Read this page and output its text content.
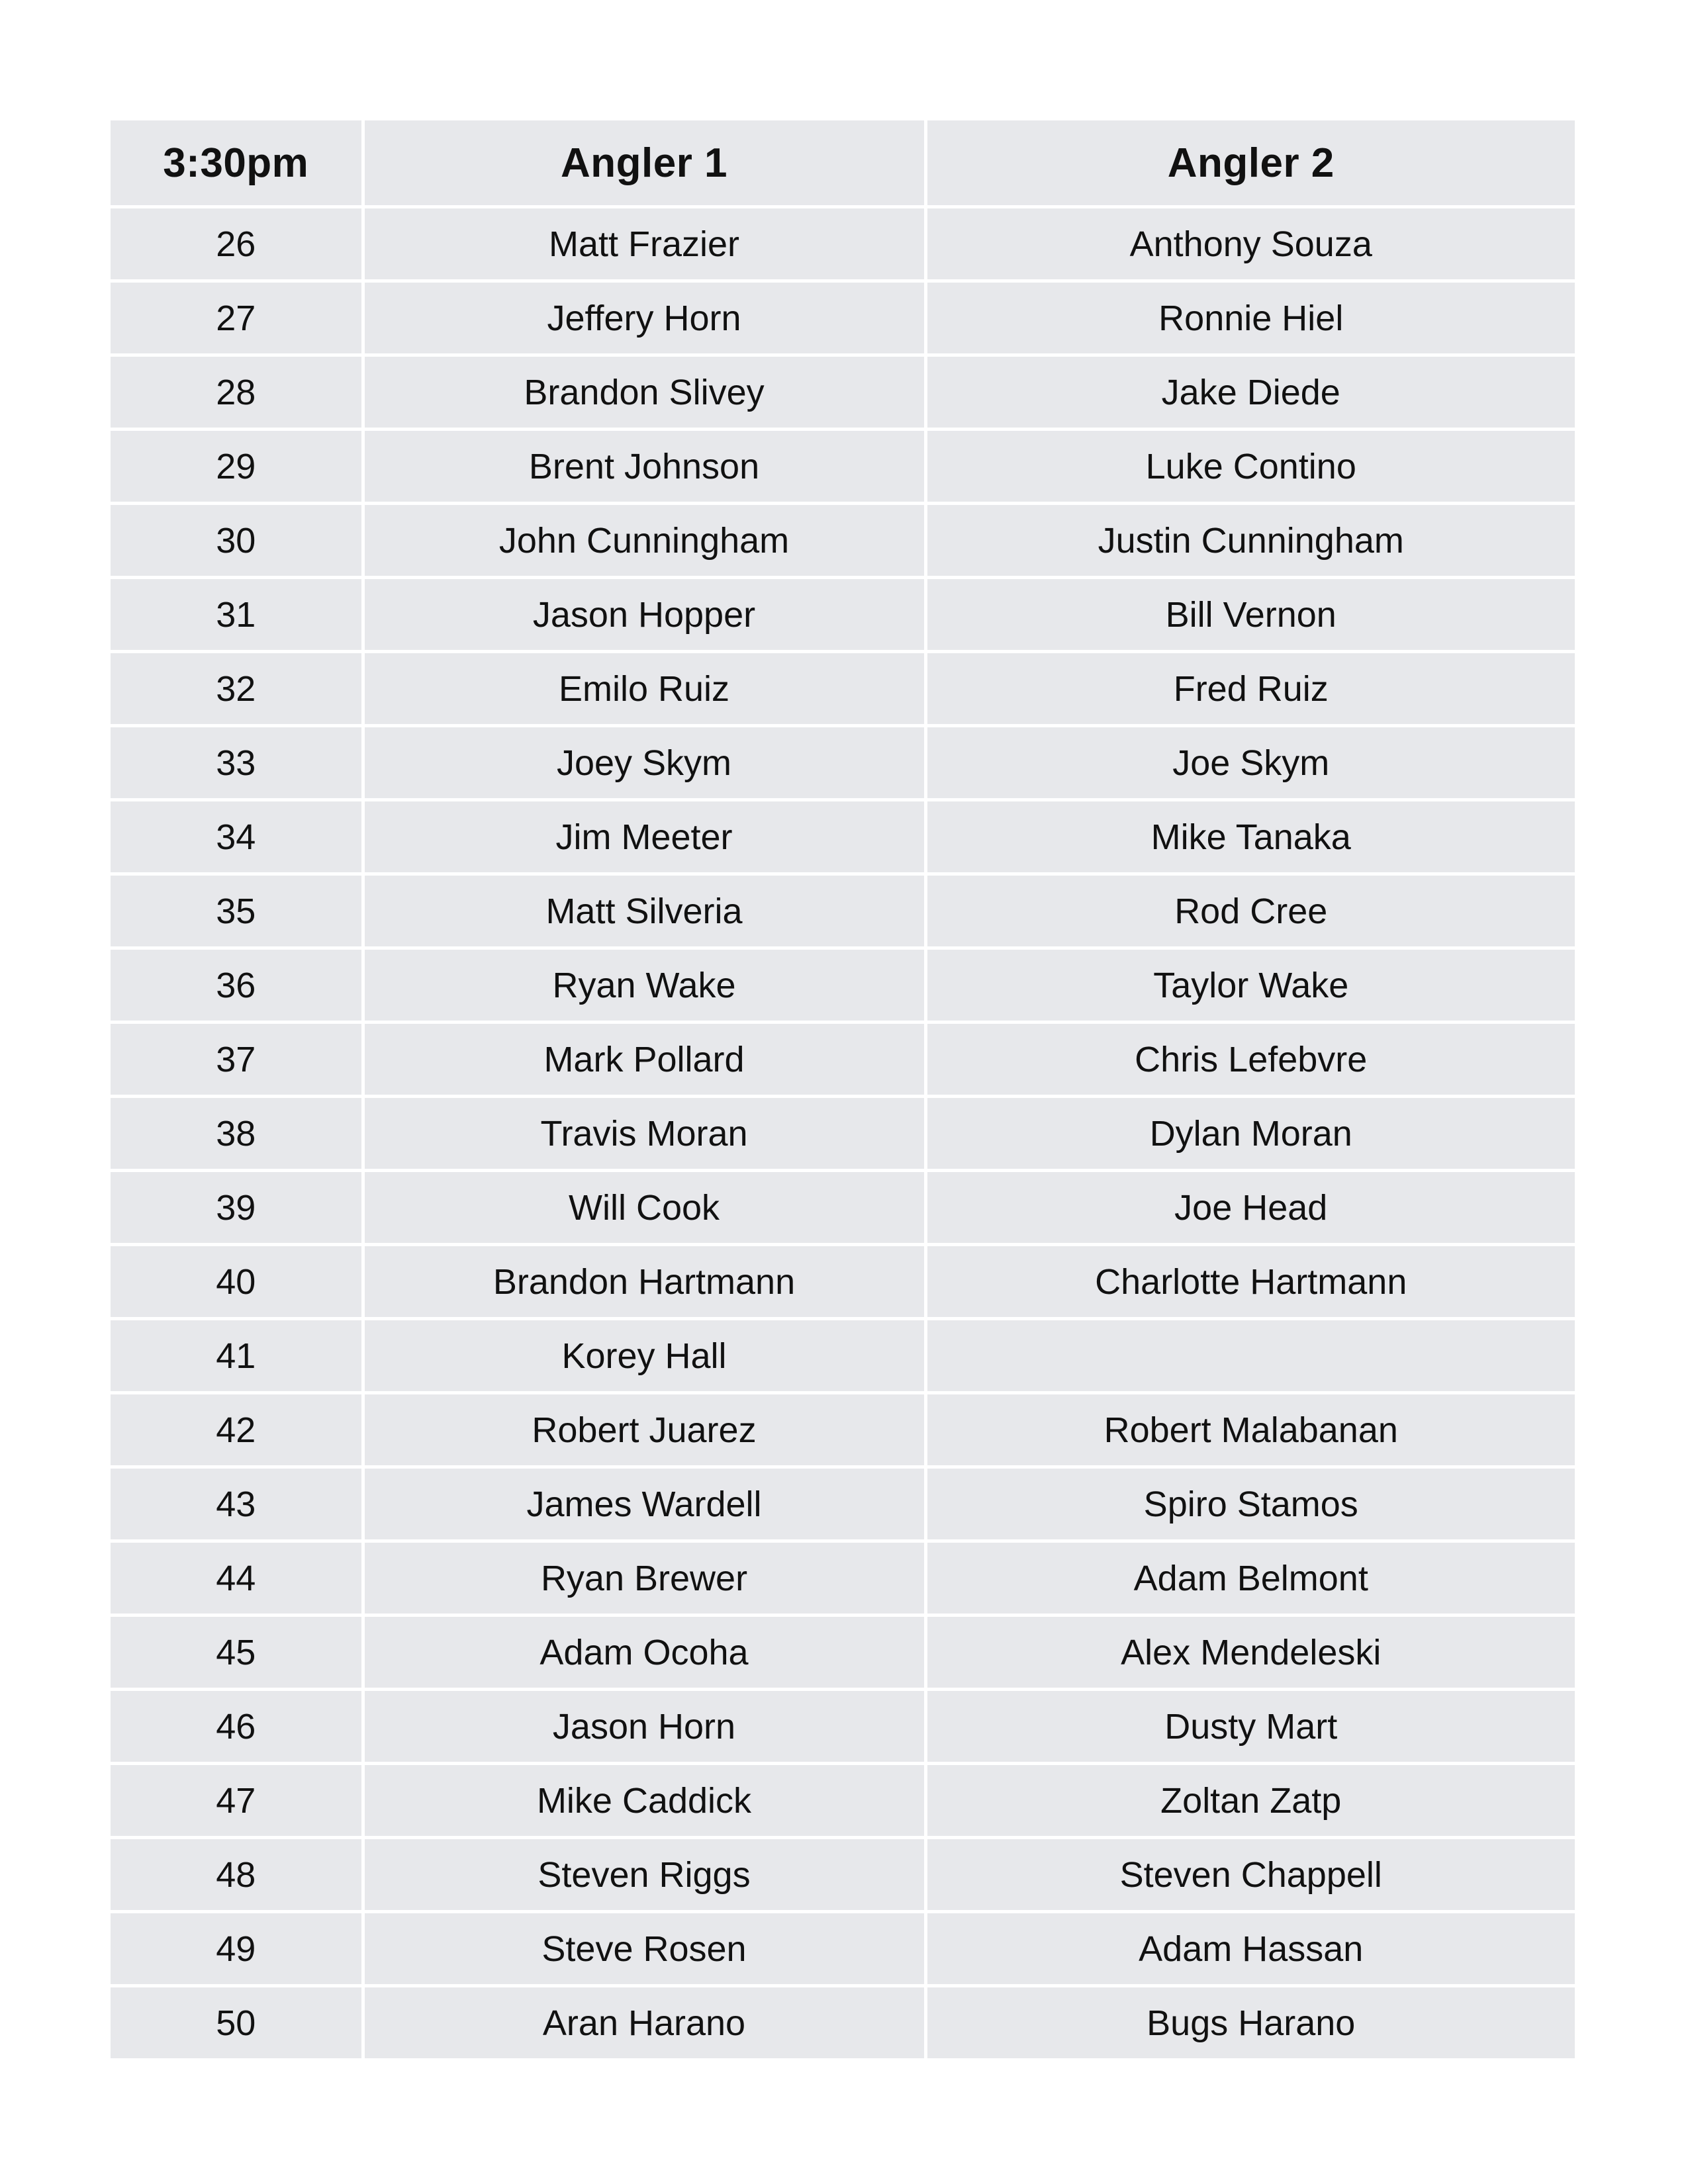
3:30pm	Angler 1	Angler 2
26	Matt Frazier	Anthony Souza
27	Jeffery Horn	Ronnie Hiel
28	Brandon Slivey	Jake Diede
29	Brent Johnson	Luke Contino
30	John Cunningham	Justin Cunningham
31	Jason Hopper	Bill Vernon
32	Emilo Ruiz	Fred Ruiz
33	Joey Skym	Joe Skym
34	Jim Meeter	Mike Tanaka
35	Matt Silveria	Rod Cree
36	Ryan Wake	Taylor Wake
37	Mark Pollard	Chris Lefebvre
38	Travis Moran	Dylan Moran
39	Will Cook	Joe Head
40	Brandon Hartmann	Charlotte Hartmann
41	Korey Hall	
42	Robert Juarez	Robert Malabanan
43	James Wardell	Spiro Stamos
44	Ryan Brewer	Adam Belmont
45	Adam Ocoha	Alex Mendeleski
46	Jason Horn	Dusty Mart
47	Mike Caddick	Zoltan Zatp
48	Steven Riggs	Steven Chappell
49	Steve Rosen	Adam Hassan
50	Aran Harano	Bugs Harano
